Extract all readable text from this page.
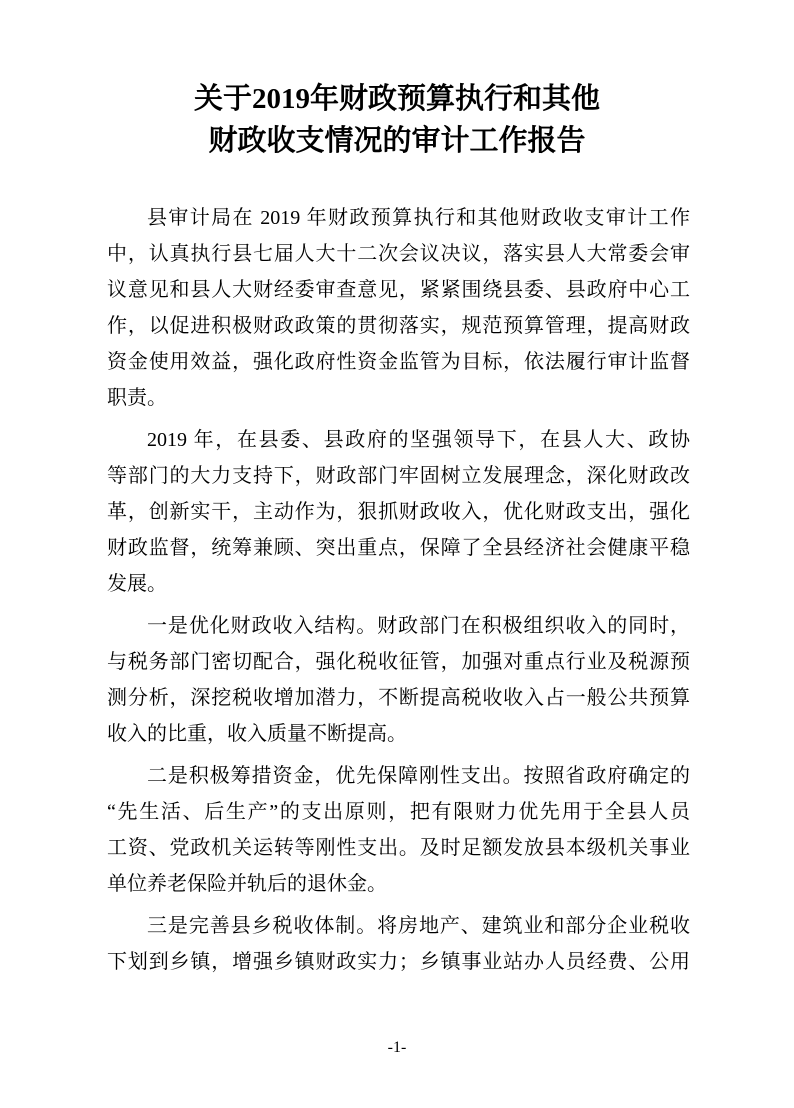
关于2019年财政预算执行和其他
财政收支情况的审计工作报告
县审计局在 2019 年财政预算执行和其他财政收支审计工作
中，认真执行县七届人大十二次会议决议，落实县人大常委会审
议意见和县人大财经委审查意见，紧紧围绕县委、县政府中心工
作，以促进积极财政政策的贯彻落实，规范预算管理，提高财政
资金使用效益，强化政府性资金监管为目标，依法履行审计监督
职责。
2019 年，在县委、县政府的坚强领导下，在县人大、政协
等部门的大力支持下，财政部门牢固树立发展理念，深化财政改
革，创新实干，主动作为，狠抓财政收入，优化财政支出，强化
财政监督，统筹兼顾、突出重点，保障了全县经济社会健康平稳
发展。
一是优化财政收入结构。财政部门在积极组织收入的同时，
与税务部门密切配合，强化税收征管，加强对重点行业及税源预
测分析，深挖税收增加潜力，不断提高税收收入占一般公共预算
收入的比重，收入质量不断提高。
二是积极筹措资金，优先保障刚性支出。按照省政府确定的
“先生活、后生产”的支出原则，把有限财力优先用于全县人员
工资、党政机关运转等刚性支出。及时足额发放县本级机关事业
单位养老保险并轨后的退休金。
三是完善县乡税收体制。将房地产、建筑业和部分企业税收
下划到乡镇，增强乡镇财政实力；乡镇事业站办人员经费、公用
-1-
